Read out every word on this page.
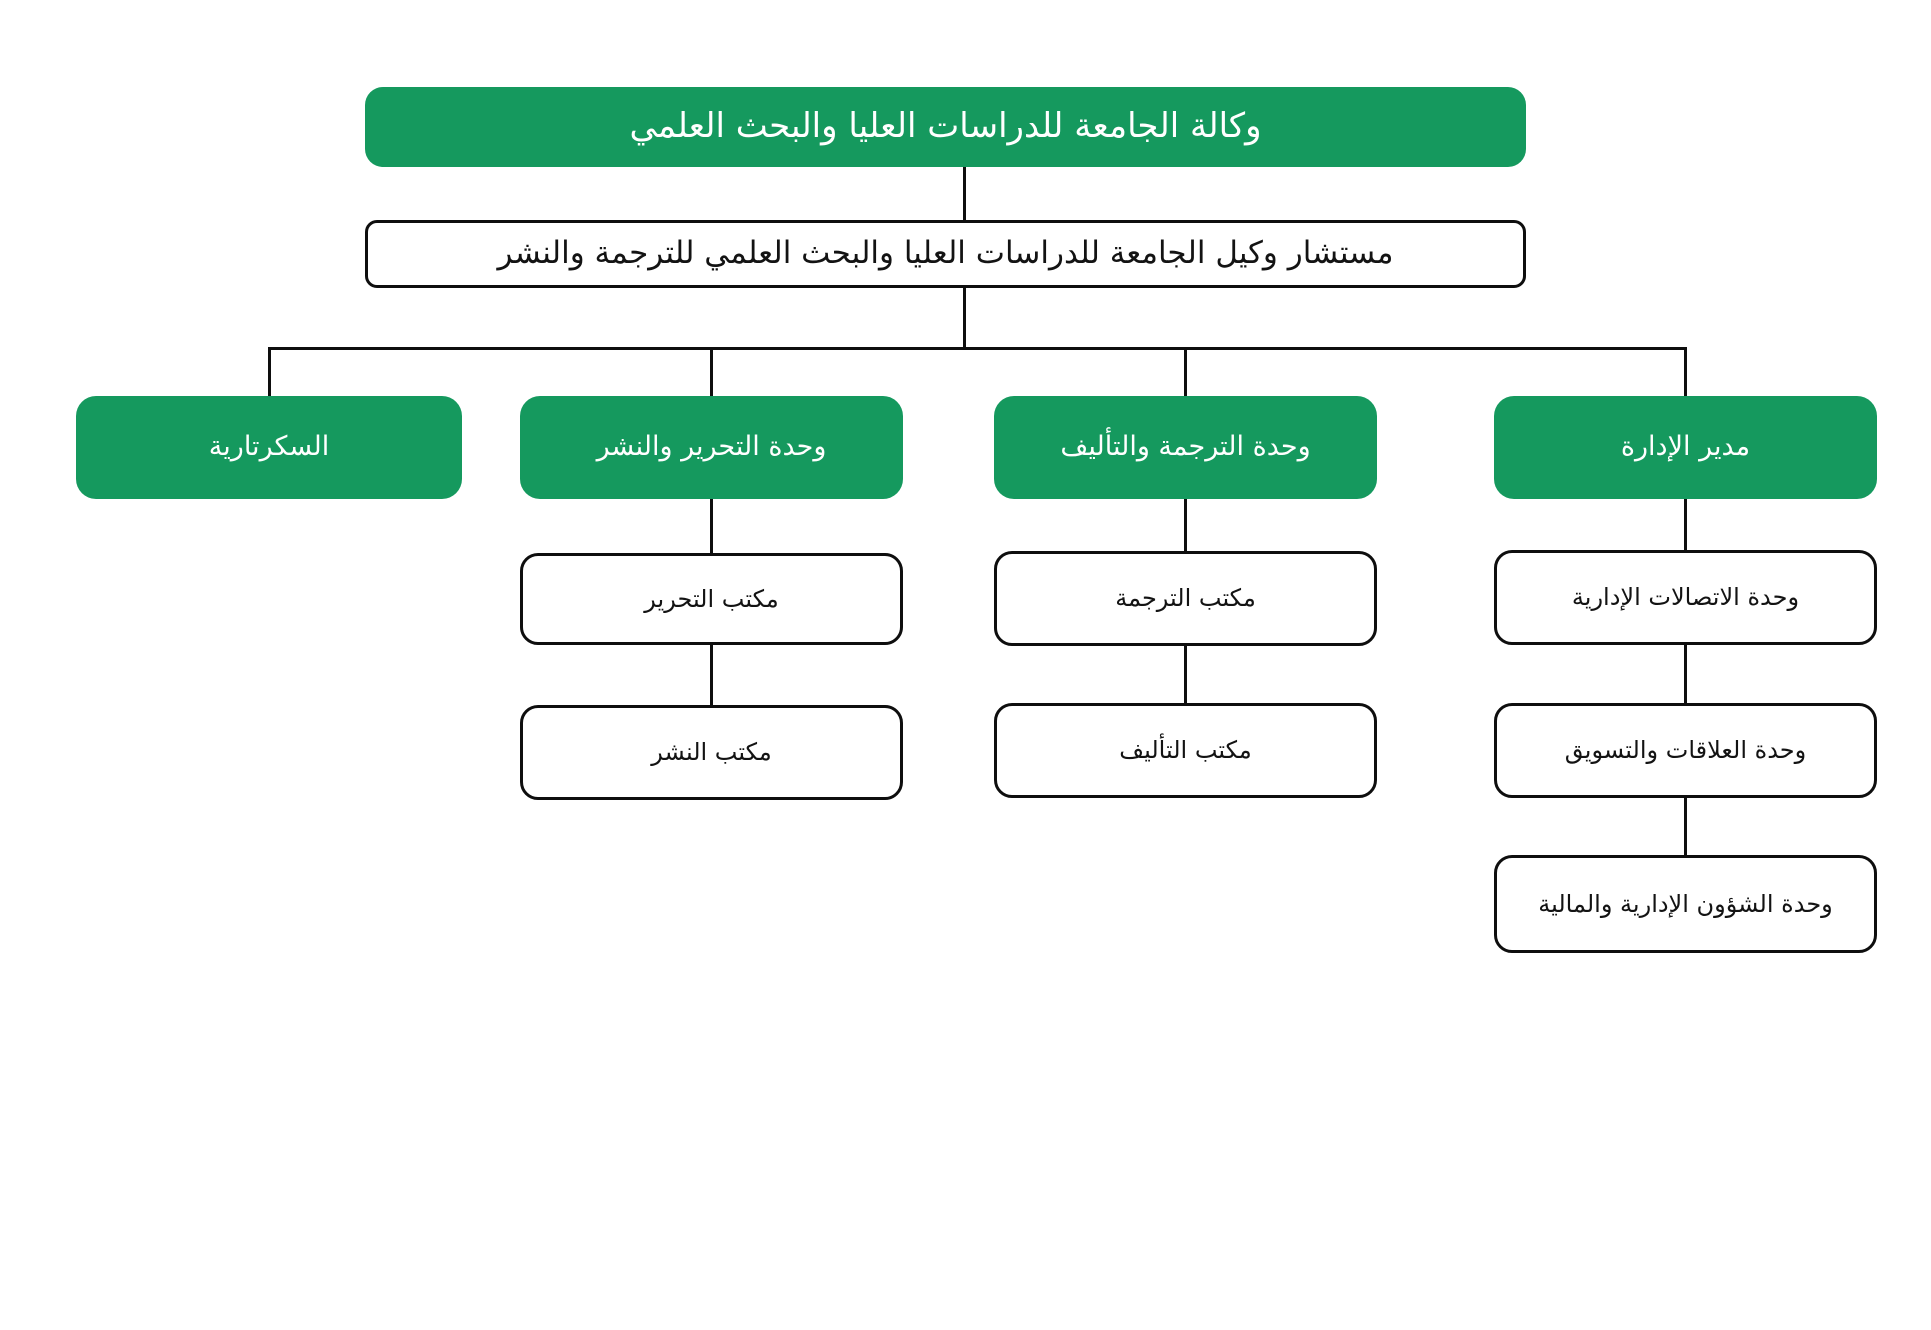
وكالة الجامعة للدراسات العليا والبحث العلمي
مستشار وكيل الجامعة للدراسات العليا والبحث العلمي للترجمة والنشر
السكرتارية	وحدة التحرير والنشر	وحدة الترجمة والتأليف	مدير الإدارة
مكتب التحرير
مكتب النشر
مكتب الترجمة
مكتب التأليف
وحدة الاتصالات الإدارية
وحدة العلاقات والتسويق
وحدة الشؤون الإدارية والمالية
